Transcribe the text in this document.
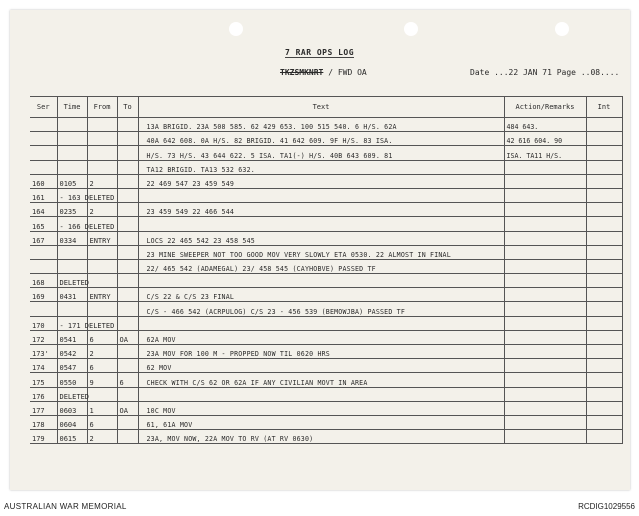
7 RAR OPS LOG
TKZSMKNRT / FWD OA	Date ...22 JAN 71 Page ..08....
Ser	Time	From	To	Text	Action/Remarks	Int
				13A BRIGID. 23A 508 585. 62 429 653. 100 515 540. 6 H/S. 62A	484 643.	
				40A 642 608. 0A H/S. 82 BRIGID. 41 642 609. 9F H/S. 83 ISA.	42 616 604. 90	
				H/S. 73 H/S. 43 644 622. 5 ISA. TA1(-) H/S. 40B 643 609. 81	ISA. TA11 H/S.	
				TA12 BRIGID. TA13 532 632.		
160	0105	2		22 469 547 23 459 549		
161	- 163 DELETED					
164	0235	2		23 459 549 22 466 544		
165	- 166 DELETED					
167	0334	ENTRY		LOCS 22 465 542 23 458 545		
				23 MINE SWEEPER NOT TOO GOOD MOV VERY SLOWLY ETA 0530. 22 ALMOST IN FINAL		
				22/ 465 542 (ADAMEGAL) 23/ 458 545 (CAYHOBVE) PASSED TF		
168	DELETED					
169	0431	ENTRY		C/S 22 & C/S 23 FINAL		
				C/S - 466 542 (ACRPULOG) C/S 23 - 456 539 (BEMOWJBA) PASSED TF		
170	- 171 DELETED					
172	0541	6	OA	62A MOV		
173'	0542	2		23A MOV FOR 100 M - PROPPED NOW TIL 0620 HRS		
174	0547	6		62 MOV		
175	0550	9	6	CHECK WITH C/S 62 OR 62A IF ANY CIVILIAN MOVT IN AREA		
176	DELETED					
177	0603	1	OA	10C MOV		
178	0604	6		61, 61A MOV		
179	0615	2		23A, MOV NOW, 22A MOV TO RV (AT RV 0630)		
AUSTRALIAN WAR MEMORIAL	RCDIG1029556
